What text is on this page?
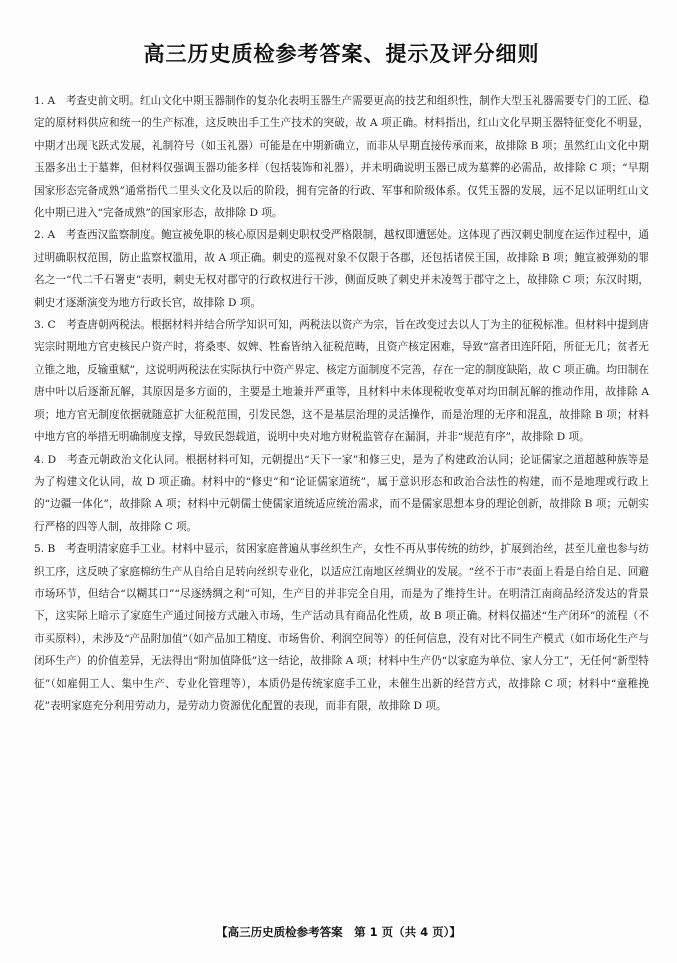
高三历史质检参考答案、提示及评分细则

1. A　考查史前文明。红山文化中期玉器制作的复杂化表明玉器生产需要更高的技艺和组织性，制作大型玉礼器需要专门的工匠、稳定的原材料供应和统一的生产标准，这反映出手工生产技术的突破，故 A 项正确。材料指出，红山文化早期玉器特征变化不明显，中期才出现飞跃式发展，礼制符号（如玉礼器）可能是在中期新确立，而非从早期直接传承而来，故排除 B 项；虽然红山文化中期玉器多出土于墓葬，但材料仅强调玉器功能多样（包括装饰和礼器），并未明确说明玉器已成为墓葬的必需品，故排除 C 项；“早期国家形态完备成熟”通常指代二里头文化及以后的阶段，拥有完备的行政、军事和阶级体系。仅凭玉器的发展，远不足以证明红山文化中期已进入“完备成熟”的国家形态，故排除 D 项。

2. A　考查西汉监察制度。鲍宣被免职的核心原因是刺史职权受严格限制，越权即遭惩处。这体现了西汉刺史制度在运作过程中，通过明确职权范围，防止监察权滥用，故 A 项正确。刺史的巡视对象不仅限于各郡，还包括诸侯王国，故排除 B 项；鲍宣被弹劾的罪名之一“代二千石署吏”表明，刺史无权对郡守的行政权进行干涉，侧面反映了刺史并未凌驾于郡守之上，故排除 C 项；东汉时期，刺史才逐渐演变为地方行政长官，故排除 D 项。

3. C　考查唐朝两税法。根据材料并结合所学知识可知，两税法以资产为宗，旨在改变过去以人丁为主的征税标准。但材料中提到唐宪宗时期地方官吏核民户资产时，将桑枣、奴婢、牲畜皆纳入征税范畴，且资产核定困难，导致“富者田连阡陌，所征无几；贫者无立锥之地，反输重赋”，这说明两税法在实际执行中资产界定、核定方面制度不完善，存在一定的制度缺陷，故 C 项正确。均田制在唐中叶以后逐渐瓦解，其原因是多方面的，主要是土地兼并严重等，且材料中未体现税收变革对均田制瓦解的推动作用，故排除 A 项；地方官无制度依据就随意扩大征税范围，引发民怨，这不是基层治理的灵活操作，而是治理的无序和混乱，故排除 B 项；材料中地方官的举措无明确制度支撑，导致民怨载道，说明中央对地方财税监管存在漏洞，并非“规范有序”，故排除 D 项。

4. D　考查元朝政治文化认同。根据材料可知，元朝提出“天下一家”和修三史，是为了构建政治认同；论证儒家之道超越种族等是为了构建文化认同，故 D 项正确。材料中的“修史”和“论证儒家道统”，属于意识形态和政治合法性的构建，而不是地理或行政上的“边疆一体化”，故排除 A 项；材料中元朝儒士使儒家道统适应统治需求，而不是儒家思想本身的理论创新，故排除 B 项；元朝实行严格的四等人制，故排除 C 项。

5. B　考查明清家庭手工业。材料中显示，贫困家庭普遍从事丝织生产，女性不再从事传统的纺纱，扩展到治丝，甚至儿童也参与纺织工序，这反映了家庭棉纺生产从自给自足转向丝织专业化，以适应江南地区丝绸业的发展。“丝不于市”表面上看是自给自足、回避市场环节，但结合“以糊其口”“尽逐绣绸之利”可知，生产目的并非完全自用，而是为了维持生计。在明清江南商品经济发达的背景下，这实际上暗示了家庭生产通过间接方式融入市场，生产活动具有商品化性质，故 B 项正确。材料仅描述“生产闭环”的流程（不市买原料），未涉及“产品附加值”（如产品加工精度、市场售价、利润空间等）的任何信息，没有对比不同生产模式（如市场化生产与闭环生产）的价值差异，无法得出“附加值降低”这一结论，故排除 A 项；材料中生产仍“以家庭为单位、家人分工”，无任何“新型特征”（如雇佣工人、集中生产、专业化管理等），本质仍是传统家庭手工业，未催生出新的经营方式，故排除 C 项；材料中“童稚挽花”表明家庭充分利用劳动力，是劳动力资源优化配置的表现，而非有限，故排除 D 项。

【高三历史质检参考答案　第 1 页（共 4 页）】
